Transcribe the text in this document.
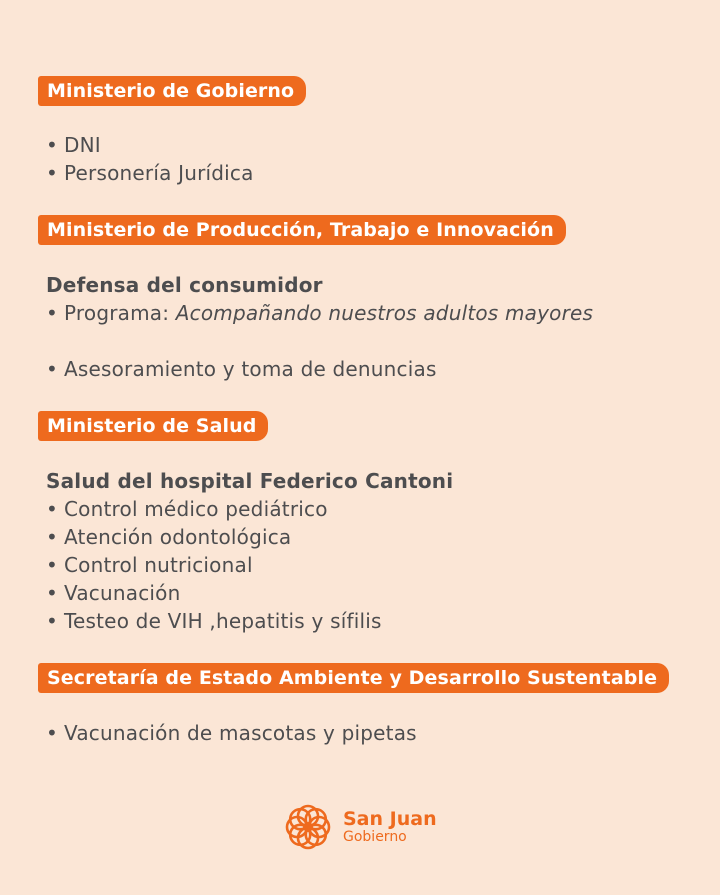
Ministerio de Gobierno
• DNI
• Personería Jurídica
Ministerio de Producción, Trabajo e Innovación
Defensa del consumidor
• Programa: Acompañando nuestros adultos mayores
• Asesoramiento y toma de denuncias
Ministerio de Salud
Salud del hospital Federico Cantoni
• Control médico pediátrico
• Atención odontológica
• Control nutricional
• Vacunación
• Testeo de VIH ,hepatitis y sífilis
Secretaría de Estado Ambiente y Desarrollo Sustentable
• Vacunación de mascotas y pipetas
San Juan
Gobierno
